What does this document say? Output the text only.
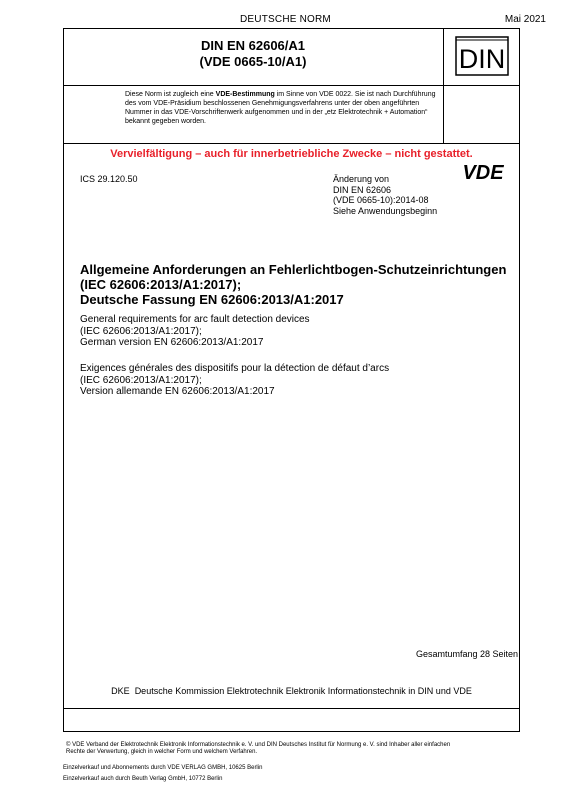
DEUTSCHE NORM	Mai 2021
DIN EN 62606/A1
(VDE 0665-10/A1)	DIN
Diese Norm ist zugleich eine VDE-Bestimmung im Sinne von VDE 0022. Sie ist nach Durchführung des vom VDE-Präsidium beschlossenen Genehmigungsverfahrens unter der oben angeführten Nummer in das VDE-Vorschriftenwerk aufgenommen und in der „etz Elektrotechnik + Automation“ bekannt gegeben worden.
VDE
Vervielfältigung – auch für innerbetriebliche Zwecke – nicht gestattet.
ICS 29.120.50	Änderung von
DIN EN 62606
(VDE 0665-10):2014-08
Siehe Anwendungsbeginn
Allgemeine Anforderungen an Fehlerlichtbogen-Schutzeinrichtungen
(IEC 62606:2013/A1:2017);
Deutsche Fassung EN 62606:2013/A1:2017
General requirements for arc fault detection devices
(IEC 62606:2013/A1:2017);
German version EN 62606:2013/A1:2017
Exigences générales des dispositifs pour la détection de défaut d’arcs
(IEC 62606:2013/A1:2017);
Version allemande EN 62606:2013/A1:2017
Gesamtumfang 28 Seiten
DKE Deutsche Kommission Elektrotechnik Elektronik Informationstechnik in DIN und VDE
© VDE Verband der Elektrotechnik Elektronik Informationstechnik e. V. und DIN Deutsches Institut für Normung e. V. sind Inhaber aller einfachen Rechte der Verwertung, gleich in welcher Form und welchem Verfahren.
Einzelverkauf und Abonnements durch VDE VERLAG GMBH, 10625 Berlin
Einzelverkauf auch durch Beuth Verlag GmbH, 10772 Berlin
